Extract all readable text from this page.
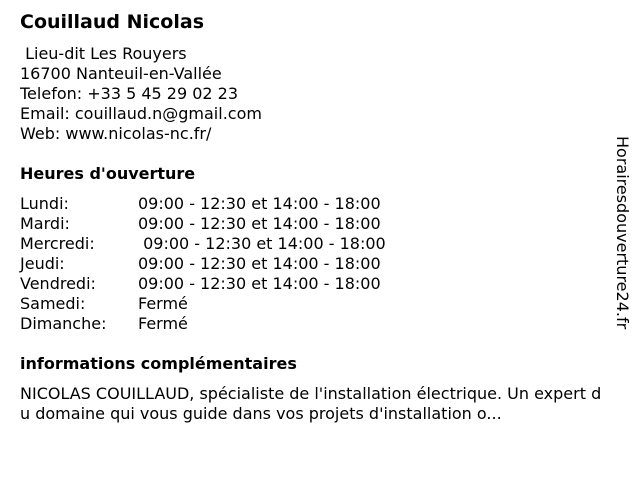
Couillaud Nicolas
Lieu-dit Les Rouyers
16700 Nanteuil-en-Vallée
Telefon: +33 5 45 29 02 23
Email: couillaud.n@gmail.com
Web: www.nicolas-nc.fr/
Heures d'ouverture
Lundi:	09:00 - 12:30 et 14:00 - 18:00
Mardi:	09:00 - 12:30 et 14:00 - 18:00
Mercredi:	09:00 - 12:30 et 14:00 - 18:00
Jeudi:	09:00 - 12:30 et 14:00 - 18:00
Vendredi:	09:00 - 12:30 et 14:00 - 18:00
Samedi:	Fermé
Dimanche:	Fermé
informations complémentaires
NICOLAS COUILLAUD, spécialiste de l'installation électrique. Un expert du domaine qui vous guide dans vos projets d'installation o...
Horairesdouverture24.fr
